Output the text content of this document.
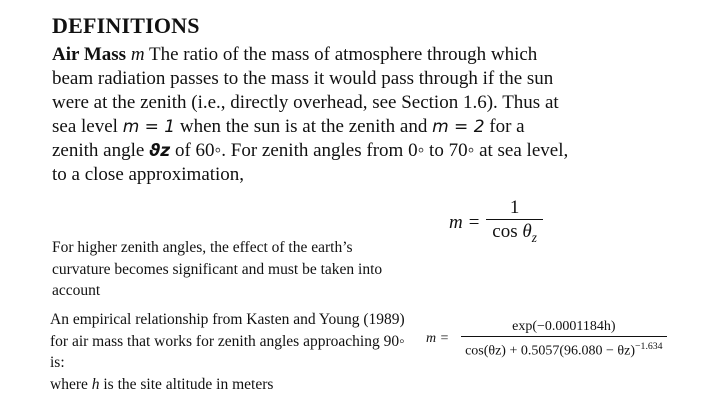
DEFINITIONS
Air Mass m The ratio of the mass of atmosphere through which beam radiation passes to the mass it would pass through if the sun were at the zenith (i.e., directly overhead, see Section 1.6). Thus at sea level m = 1 when the sun is at the zenith and m = 2 for a zenith angle ϑz of 60◦. For zenith angles from 0◦ to 70◦ at sea level, to a close approximation,
$m = \frac{1}{\cos \theta_z}$
For higher zenith angles, the effect of the earth’s curvature becomes significant and must be taken into account
An empirical relationship from Kasten and Young (1989) for air mass that works for zenith angles approaching 90◦ is:
where h is the site altitude in meters
$m = \frac{\exp(-0.0001184h)}{\cos(\theta z) + 0.5057(96.080 - \theta z)^{-1.634}}$
